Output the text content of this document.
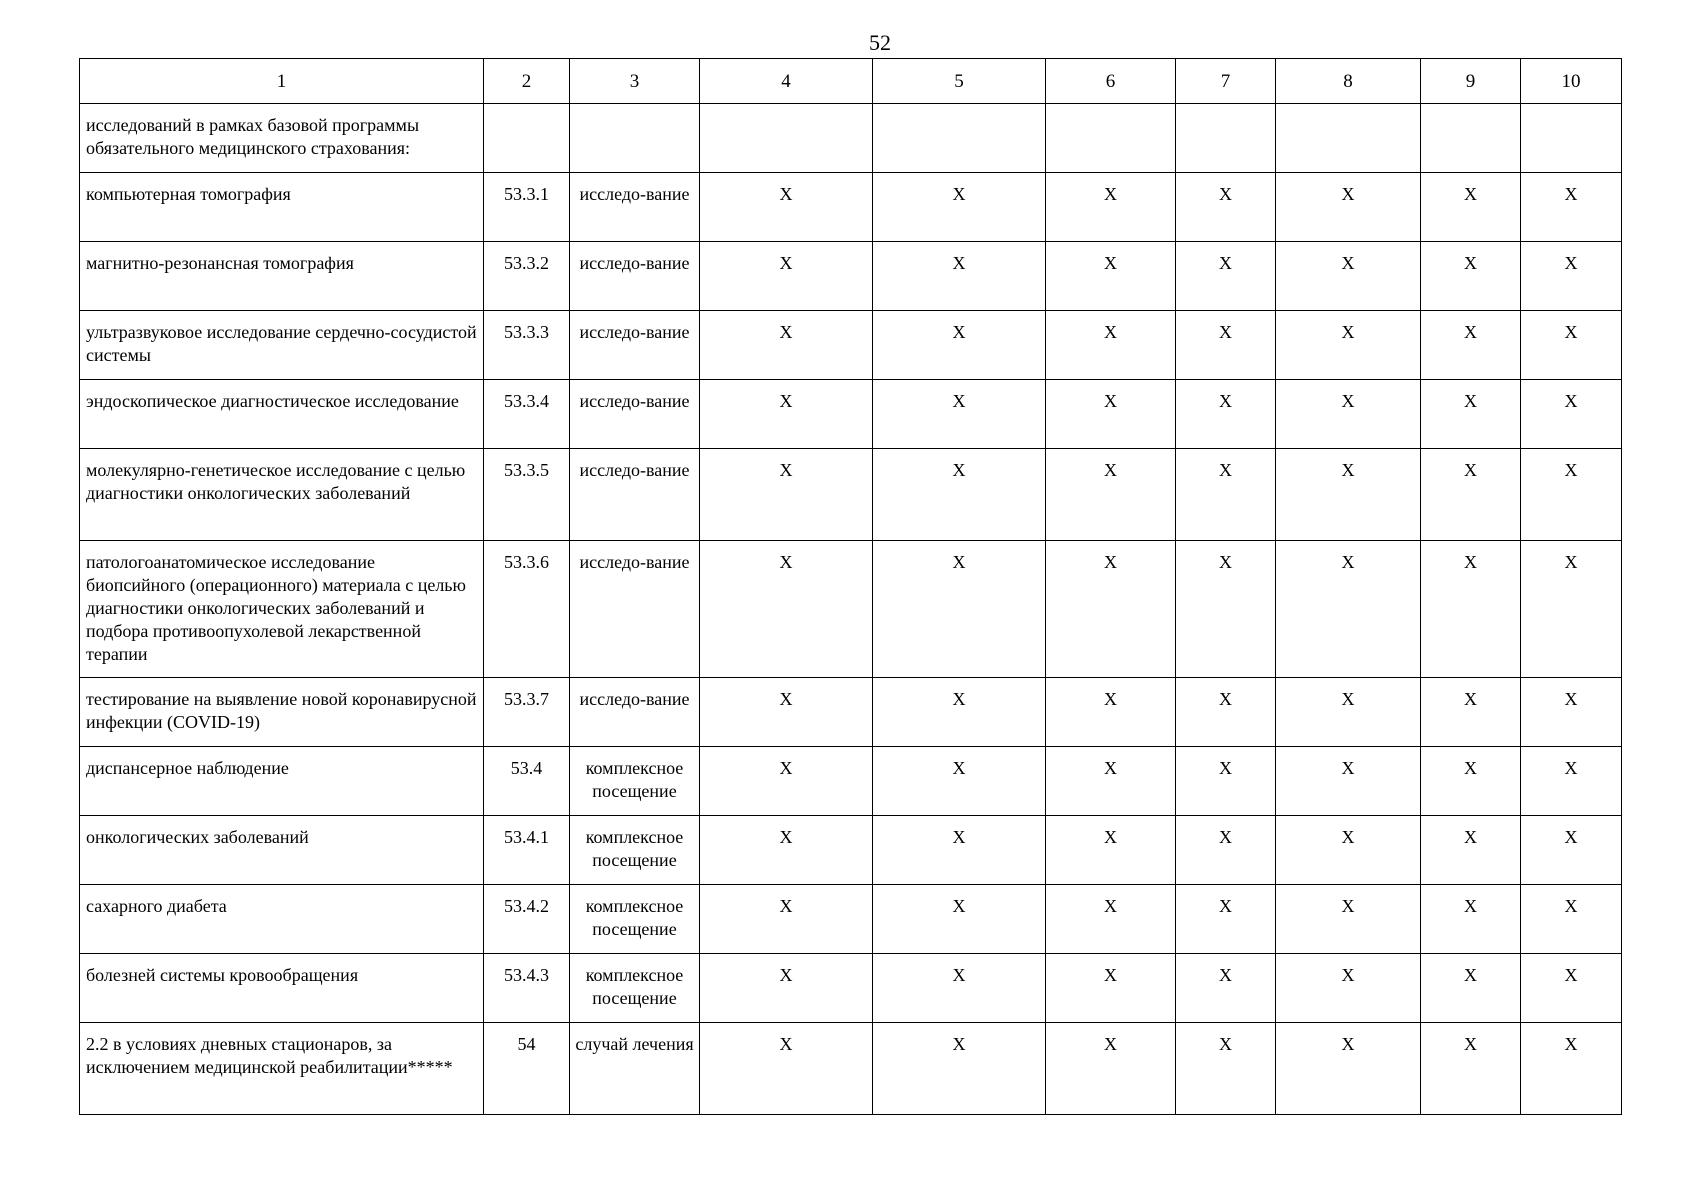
52
1	2	3	4	5	6	7	8	9	10
исследований в рамках базовой программы обязательного медицинского страхования:									
компьютерная томография	53.3.1	исследо-вание	X	X	X	X	X	X	X
магнитно-резонансная томография	53.3.2	исследо-вание	X	X	X	X	X	X	X
ультразвуковое исследование сердечно-сосудистой системы	53.3.3	исследо-вание	X	X	X	X	X	X	X
эндоскопическое диагностическое исследование	53.3.4	исследо-вание	X	X	X	X	X	X	X
молекулярно-генетическое исследование с целью диагностики онкологических заболеваний	53.3.5	исследо-вание	X	X	X	X	X	X	X
патологоанатомическое исследование биопсийного (операционного) материала с целью диагностики онкологических заболеваний и подбора противоопухолевой лекарственной терапии	53.3.6	исследо-вание	X	X	X	X	X	X	X
тестирование на выявление новой коронавирусной инфекции (COVID-19)	53.3.7	исследо-вание	X	X	X	X	X	X	X
диспансерное наблюдение	53.4	комплексное посещение	X	X	X	X	X	X	X
онкологических заболеваний	53.4.1	комплексное посещение	X	X	X	X	X	X	X
сахарного диабета	53.4.2	комплексное посещение	X	X	X	X	X	X	X
болезней системы кровообращения	53.4.3	комплексное посещение	X	X	X	X	X	X	X
2.2 в условиях дневных стационаров, за исключением медицинской реабилитации*****	54	случай лечения	X	X	X	X	X	X	X
